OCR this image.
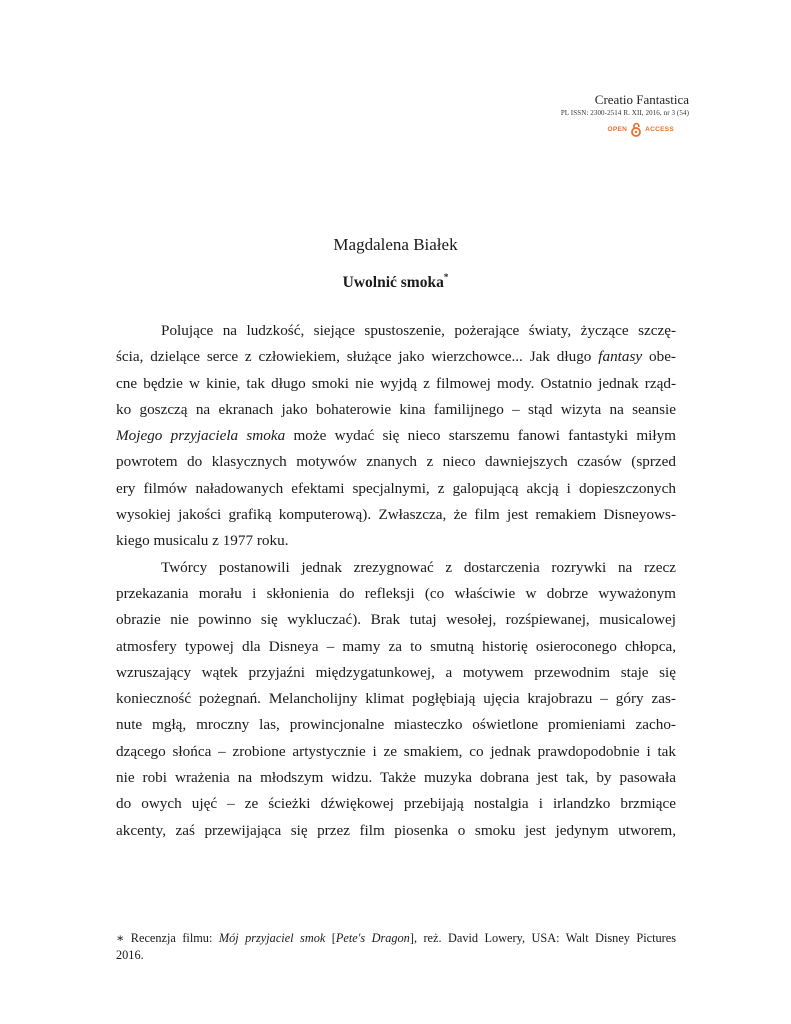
Creatio Fantastica
PL ISSN: 2300-2514 R. XII, 2016, nr 3 (54)
OPEN	ACCESS
Magdalena Białek
Uwolnić smoka*
Polujące na ludzkość, siejące spustoszenie, pożerające światy, życzące szczę-
ścia, dzielące serce z człowiekiem, służące jako wierzchowce... Jak długo fantasy obe-
cne będzie w kinie, tak długo smoki nie wyjdą z filmowej mody. Ostatnio jednak rząd-
ko goszczą na ekranach jako bohaterowie kina familijnego – stąd wizyta na seansie
Mojego przyjaciela smoka może wydać się nieco starszemu fanowi fantastyki miłym
powrotem do klasycznych motywów znanych z nieco dawniejszych czasów (sprzed
ery filmów naładowanych efektami specjalnymi, z galopującą akcją i dopieszczonych
wysokiej jakości grafiką komputerową). Zwłaszcza, że film jest remakiem Disneyows-
kiego musicalu z 1977 roku.
Twórcy postanowili jednak zrezygnować z dostarczenia rozrywki na rzecz
przekazania morału i skłonienia do refleksji (co właściwie w dobrze wyważonym
obrazie nie powinno się wykluczać). Brak tutaj wesołej, rozśpiewanej, musicalowej
atmosfery typowej dla Disneya – mamy za to smutną historię osieroconego chłopca,
wzruszający wątek przyjaźni międzygatunkowej, a motywem przewodnim staje się
konieczność pożegnań. Melancholijny klimat pogłębiają ujęcia krajobrazu – góry zas-
nute mgłą, mroczny las, prowincjonalne miasteczko oświetlone promieniami zacho-
dzącego słońca – zrobione artystycznie i ze smakiem, co jednak prawdopodobnie i tak
nie robi wrażenia na młodszym widzu. Także muzyka dobrana jest tak, by pasowała
do owych ujęć – ze ścieżki dźwiękowej przebijają nostalgia i irlandzko brzmiące
akcenty, zaś przewijająca się przez film piosenka o smoku jest jedynym utworem,
∗ Recenzja filmu: Mój przyjaciel smok [Pete's Dragon], reż. David Lowery, USA: Walt Disney Pictures
2016.
